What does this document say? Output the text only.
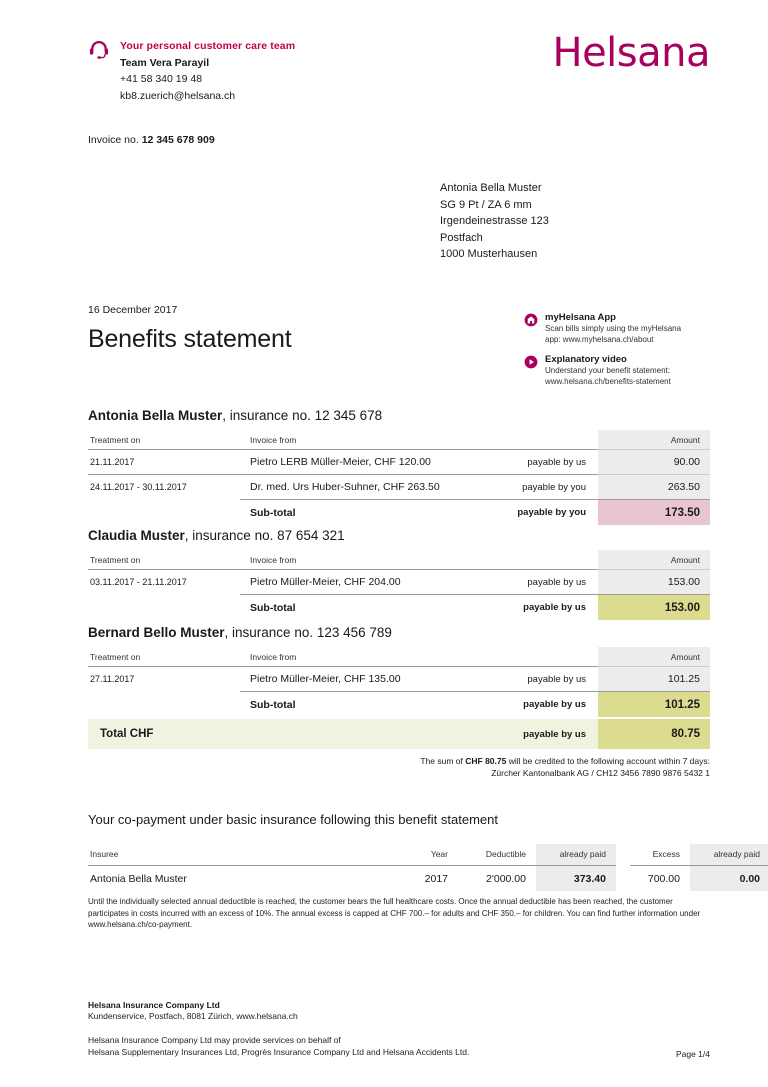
Your personal customer care team
Team Vera Parayil
+41 58 340 19 48
kb8.zuerich@helsana.ch
Helsana
Invoice no. 12 345 678 909
Antonia Bella Muster
SG 9 Pt / ZA 6 mm
Irgendeinestrasse 123
Postfach
1000 Musterhausen
16 December 2017
Benefits statement
myHelsana App
Scan bills simply using the myHelsana
app: www.myhelsana.ch/about
Explanatory video
Understand your benefit statement:
www.helsana.ch/benefits-statement
Antonia Bella Muster, insurance no. 12 345 678
Treatment on	Invoice from		Amount
21.11.2017	Pietro LERB Müller-Meier, CHF 120.00	payable by us	90.00
24.11.2017 - 30.11.2017	Dr. med. Urs Huber-Suhner, CHF 263.50	payable by you	263.50
	Sub-total	payable by you	173.50
Claudia Muster, insurance no. 87 654 321
Treatment on	Invoice from		Amount
03.11.2017 - 21.11.2017	Pietro Müller-Meier, CHF 204.00	payable by us	153.00
	Sub-total	payable by us	153.00
Bernard Bello Muster, insurance no. 123 456 789
Treatment on	Invoice from		Amount
27.11.2017	Pietro Müller-Meier, CHF 135.00	payable by us	101.25
	Sub-total	payable by us	101.25
Total CHF	payable by us	80.75
The sum of CHF 80.75 will be credited to the following account within 7 days:
Zürcher Kantonalbank AG / CH12 3456 7890 9876 5432 1
Your co-payment under basic insurance following this benefit statement
Insuree	Year	Deductible	already paid		Excess	already paid
Antonia Bella Muster	2017	2'000.00	373.40		700.00	0.00
Until the individually selected annual deductible is reached, the customer bears the full healthcare costs. Once the annual deductible has been reached, the customer participates in costs incurred with an excess of 10%. The annual excess is capped at CHF 700.– for adults and CHF 350.– for children. You can find further information under www.helsana.ch/co-payment.
Helsana Insurance Company Ltd
Kundenservice, Postfach, 8081 Zürich, www.helsana.ch
Helsana Insurance Company Ltd may provide services on behalf of
Helsana Supplementary Insurances Ltd, Progrès Insurance Company Ltd and Helsana Accidents Ltd.	Page 1/4
